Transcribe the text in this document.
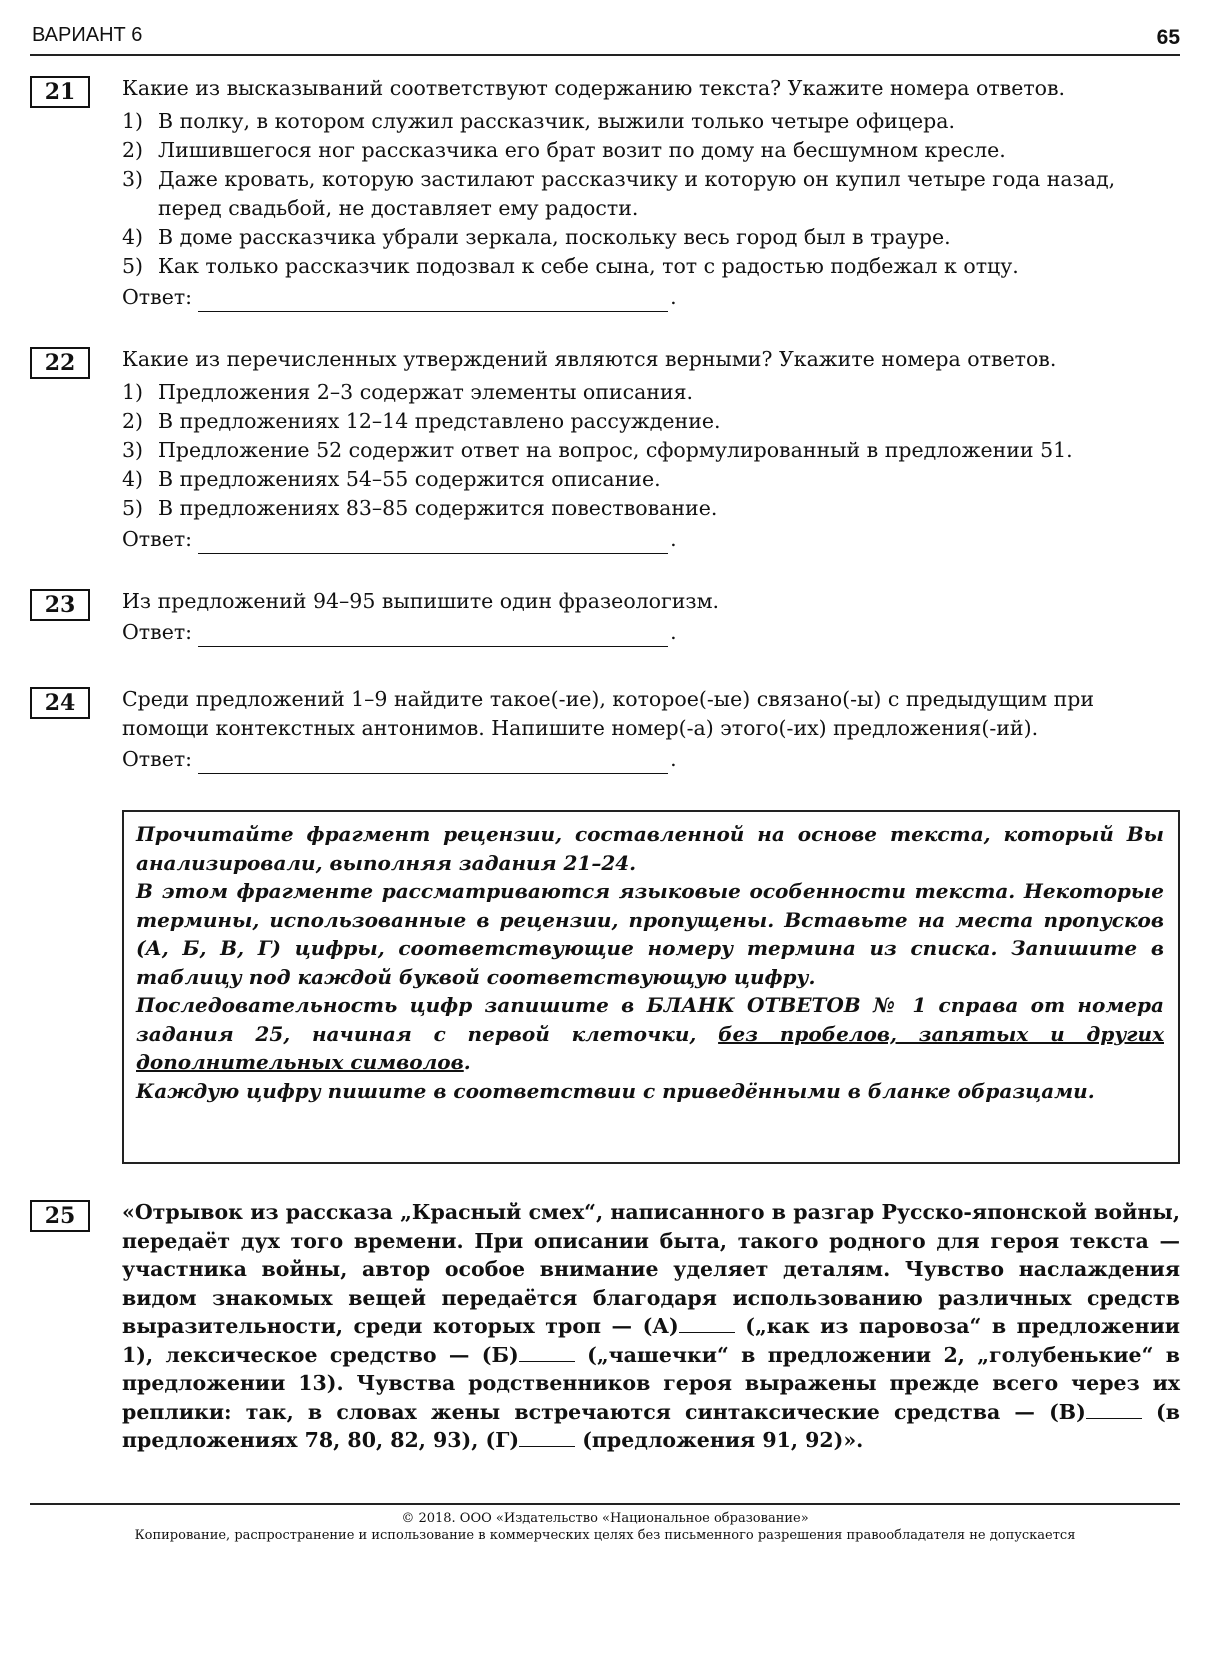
ВАРИАНТ 6	65
21	Какие из высказываний соответствуют содержанию текста? Укажите номера ответов.

1) В полку, в котором служил рассказчик, выжили только четыре офицера.
2) Лишившегося ног рассказчика его брат возит по дому на бесшумном кресле.
3) Даже кровать, которую застилают рассказчику и которую он купил четыре года назад, перед свадьбой, не доставляет ему радости.
4) В доме рассказчика убрали зеркала, поскольку весь город был в трауре.
5) Как только рассказчик подозвал к себе сына, тот с радостью подбежал к отцу.
Ответ:	.
22	Какие из перечисленных утверждений являются верными? Укажите номера ответов.

1) Предложения 2–3 содержат элементы описания.
2) В предложениях 12–14 представлено рассуждение.
3) Предложение 52 содержит ответ на вопрос, сформулированный в предложении 51.
4) В предложениях 54–55 содержится описание.
5) В предложениях 83–85 содержится повествование.
Ответ:	.
23	Из предложений 94–95 выпишите один фразеологизм.

Ответ:	.
24	Среди предложений 1–9 найдите такое(-ие), которое(-ые) связано(-ы) с предыдущим при помощи контекстных антонимов. Напишите номер(-а) этого(-их) предложения(-ий).

Ответ:	.

Прочитайте фрагмент рецензии, составленной на основе текста, который Вы анализировали, выполняя задания 21–24.

В этом фрагменте рассматриваются языковые особенности текста. Некоторые термины, использованные в рецензии, пропущены. Вставьте на места пропусков (А, Б, В, Г) цифры, соответствующие номеру термина из списка. Запишите в таблицу под каждой буквой соответствующую цифру.

Последовательность цифр запишите в БЛАНК ОТВЕТОВ № 1 справа от номера задания 25, начиная с первой клеточки, без пробелов, запятых и других дополнительных символов.

Каждую цифру пишите в соответствии с приведёнными в бланке образцами.

25	«Отрывок из рассказа „Красный смех“, написанного в разгар Русско-японской войны, передаёт дух того времени. При описании быта, такого родного для героя текста — участника войны, автор особое внимание уделяет деталям. Чувство наслаждения видом знакомых вещей передаётся благодаря использованию различных средств выразительности, среди которых троп — (А)	(„как из паровоза“ в предложении 1), лексическое средство — (Б)	(„чашечки“ в предложении 2, „голубенькие“ в предложении 13). Чувства родственников героя выражены прежде всего через их реплики: так, в словах жены встречаются синтаксические средства — (В)	(в предложениях 78, 80, 82, 93), (Г)	(предложения 91, 92)».
© 2018. ООО «Издательство «Национальное образование»
Копирование, распространение и использование в коммерческих целях без письменного разрешения правообладателя не допускается
